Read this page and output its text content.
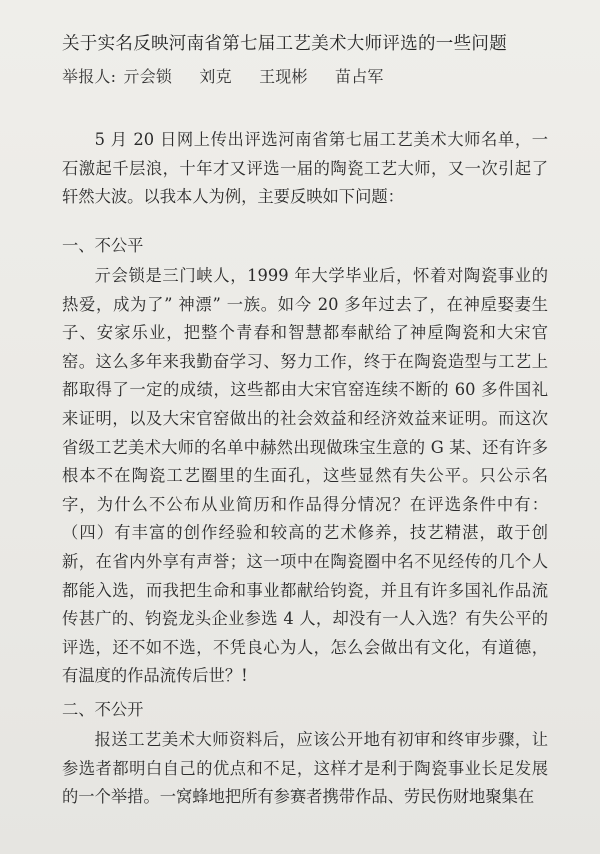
关于实名反映河南省第七届工艺美术大师评选的一些问题
举报人: 亓会锁 刘克 王现彬 苗占军

5 月 20 日网上传出评选河南省第七届工艺美术大师名单，一石激起千层浪，十年才又评选一届的陶瓷工艺大师，又一次引起了轩然大波。以我本人为例，主要反映如下问题：

一、不公平

亓会锁是三门峡人，1999 年大学毕业后，怀着对陶瓷事业的热爱，成为了” 神漂” 一族。如今 20 多年过去了，在神垕娶妻生子、安家乐业，把整个青春和智慧都奉献给了神垕陶瓷和大宋官窑。这么多年来我勤奋学习、努力工作，终于在陶瓷造型与工艺上都取得了一定的成绩，这些都由大宋官窑连续不断的 60 多件国礼来证明，以及大宋官窑做出的社会效益和经济效益来证明。而这次省级工艺美术大师的名单中赫然出现做珠宝生意的 G 某、还有许多根本不在陶瓷工艺圈里的生面孔，这些显然有失公平。只公示名字，为什么不公布从业简历和作品得分情况？在评选条件中有：（四）有丰富的创作经验和较高的艺术修养，技艺精湛，敢于创新，在省内外享有声誉；这一项中在陶瓷圈中名不见经传的几个人都能入选，而我把生命和事业都献给钧瓷，并且有许多国礼作品流传甚广的、钧瓷龙头企业参选 4 人，却没有一人入选？有失公平的评选，还不如不选，不凭良心为人，怎么会做出有文化，有道德，有温度的作品流传后世？!

二、不公开

报送工艺美术大师资料后，应该公开地有初审和终审步骤，让参选者都明白自己的优点和不足，这样才是利于陶瓷事业长足发展的一个举措。一窝蜂地把所有参赛者携带作品、劳民伤财地聚集在
